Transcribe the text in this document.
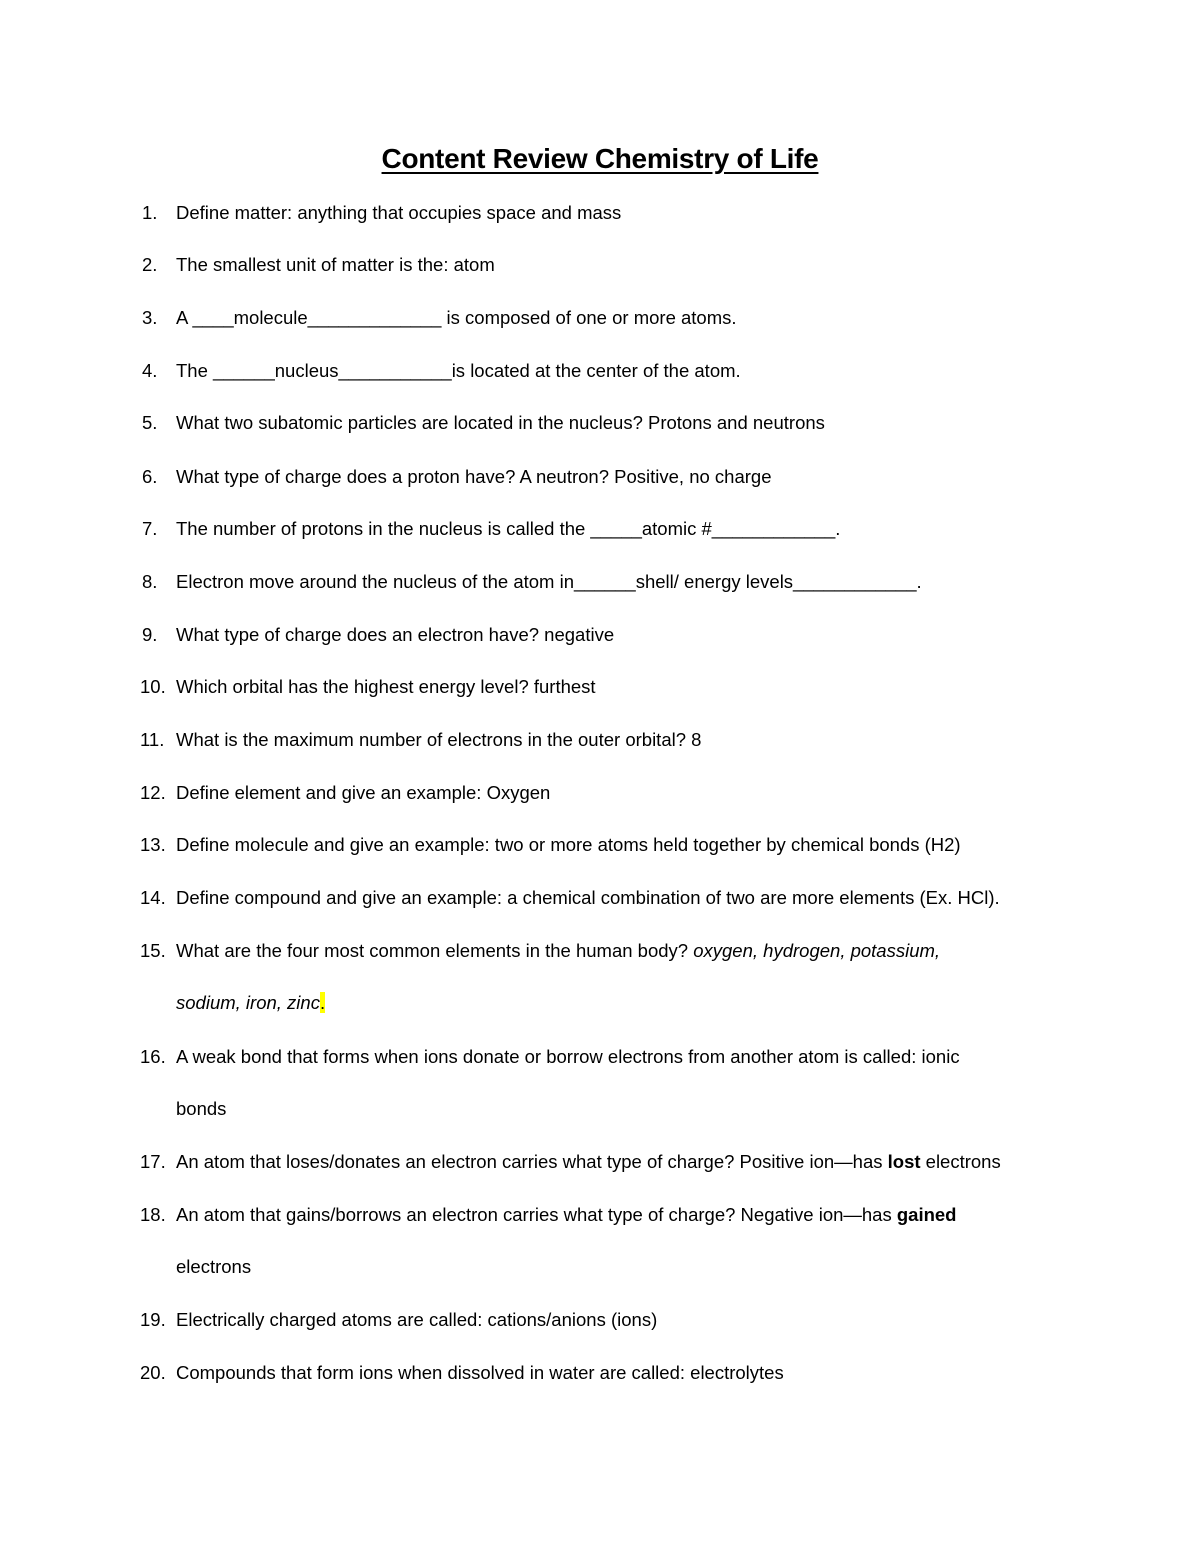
Content Review Chemistry of Life
1.	Define matter: anything that occupies space and mass
2.	The smallest unit of matter is the: atom
3.	A ____molecule_____________ is composed of one or more atoms.
4.	The ______nucleus___________is located at the center of the atom.
5.	What two subatomic particles are located in the nucleus? Protons and neutrons
6.	What type of charge does a proton have? A neutron? Positive, no charge
7.	The number of protons in the nucleus is called the _____atomic #____________.
8.	Electron move around the nucleus of the atom in______shell/ energy levels____________.
9.	What type of charge does an electron have? negative
10. Which orbital has the highest energy level? furthest
11. What is the maximum number of electrons in the outer orbital? 8
12. Define element and give an example: Oxygen
13. Define molecule and give an example: two or more atoms held together by chemical bonds (H2)
14. Define compound and give an example: a chemical combination of two are more elements (Ex. HCl).
15. What are the four most common elements in the human body? oxygen, hydrogen, potassium,
sodium, iron, zinc.
16. A weak bond that forms when ions donate or borrow electrons from another atom is called: ionic
bonds
17. An atom that loses/donates an electron carries what type of charge? Positive ion—has lost electrons
18. An atom that gains/borrows an electron carries what type of charge? Negative ion—has gained
electrons
19. Electrically charged atoms are called: cations/anions (ions)
20. Compounds that form ions when dissolved in water are called: electrolytes
